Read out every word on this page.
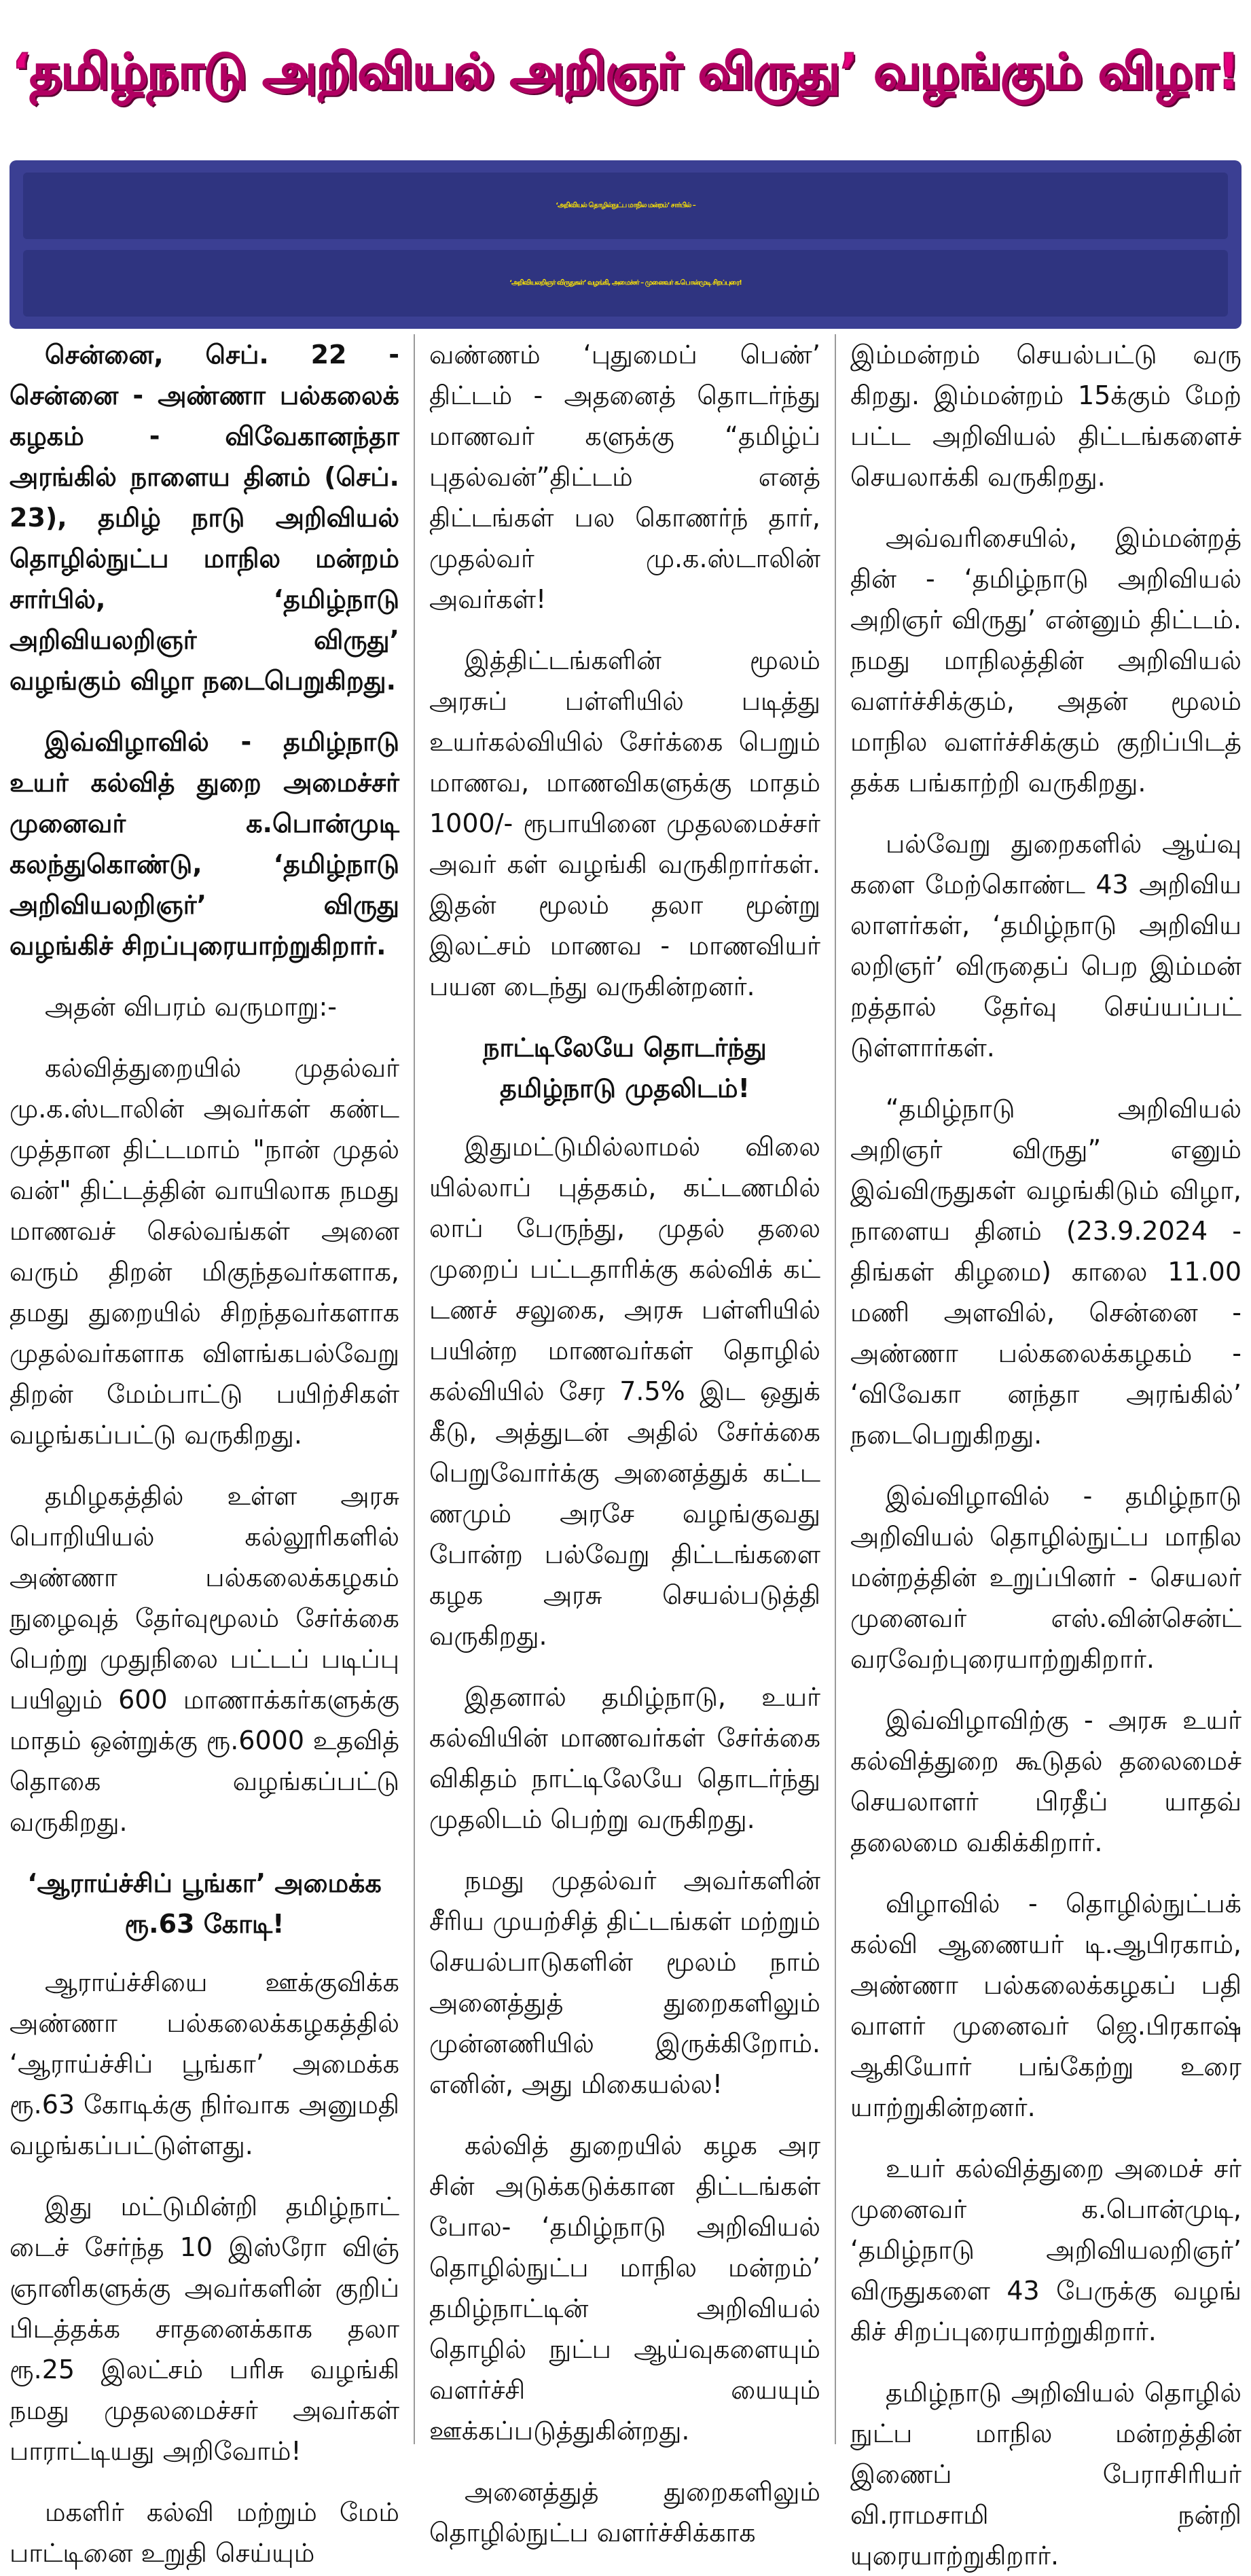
‘தமிழ்நாடு அறிவியல் அறிஞர் விருது’ வழங்கும் விழா!
‘அறிவியல் தொழில்நுட்ப மாநில மன்றம்’ சார்பில் –
‘அறிவியலறிஞர் விருதுகள்’ வழங்கி, அமைச்சர் – முனைவர் க.பொன்முடி சிறப்புரை!

சென்னை, செப். 22 - சென்னை - அண்ணா பல்கலைக் கழகம் - விவேகானந்தா அரங்கில் நாளைய தினம் (செப். 23), தமிழ் நாடு அறிவியல் தொழில்நுட்ப மாநில மன்றம் சார்பில், ‘தமிழ்நாடு அறிவியலறிஞர் விருது’ வழங்கும் விழா நடைபெறுகிறது.

இவ்விழாவில் - தமிழ்நாடு உயர் கல்வித் துறை அமைச்சர் முனைவர் க.பொன்முடி கலந்துகொண்டு, ‘தமிழ்நாடு அறிவியலறிஞர்’ விருது வழங்கிச் சிறப்புரையாற்றுகிறார்.

அதன் விபரம் வருமாறு:-

கல்வித்துறையில் முதல்வர் மு.க.ஸ்டாலின் அவர்கள் கண்ட முத்தான திட்டமாம் "நான் முதல் வன்" திட்டத்தின் வாயிலாக நமது மாணவச் செல்வங்கள் அனை வரும் திறன் மிகுந்தவர்களாக, தமது துறையில் சிறந்தவர்களாக முதல்வர்களாக விளங்கபல்வேறு திறன் மேம்பாட்டு பயிற்சிகள் வழங்கப்பட்டு வருகிறது.

தமிழகத்தில் உள்ள அரசு பொறியியல் கல்லூரிகளில் அண்ணா பல்கலைக்கழகம் நுழைவுத் தேர்வுமூலம் சேர்க்கை பெற்று முதுநிலை பட்டப் படிப்பு பயிலும் 600 மாணாக்கர்களுக்கு மாதம் ஒன்றுக்கு ரூ.6000 உதவித் தொகை வழங்கப்பட்டு வருகிறது.

‘ஆராய்ச்சிப் பூங்கா’ அமைக்க ரூ.63 கோடி!

ஆராய்ச்சியை ஊக்குவிக்க அண்ணா பல்கலைக்கழகத்தில் ‘ஆராய்ச்சிப் பூங்கா’ அமைக்க ரூ.63 கோடிக்கு நிர்வாக அனுமதி வழங்கப்பட்டுள்ளது.

இது மட்டுமின்றி தமிழ்நாட் டைச் சேர்ந்த 10 இஸ்ரோ விஞ் ஞானிகளுக்கு அவர்களின் குறிப் பிடத்தக்க சாதனைக்காக தலா ரூ.25 இலட்சம் பரிசு வழங்கி நமது முதலமைச்சர் அவர்கள் பாராட்டியது அறிவோம்!

மகளிர் கல்வி மற்றும் மேம் பாட்டினை உறுதி செய்யும்

வண்ணம் ‘புதுமைப் பெண்’ திட்டம் - அதனைத் தொடர்ந்து மாணவர் களுக்கு “தமிழ்ப் புதல்வன்”திட்டம் எனத் திட்டங்கள் பல கொணர்ந் தார், முதல்வர் மு.க.ஸ்டாலின் அவர்கள்!

இத்திட்டங்களின் மூலம் அரசுப் பள்ளியில் படித்து உயர்கல்வியில் சேர்க்கை பெறும் மாணவ, மாணவிகளுக்கு மாதம் 1000/- ரூபாயினை முதலமைச்சர் அவர் கள் வழங்கி வருகிறார்கள். இதன் மூலம் தலா மூன்று இலட்சம் மாணவ - மாணவியர் பயன டைந்து வருகின்றனர்.

நாட்டிலேயே தொடர்ந்து தமிழ்நாடு முதலிடம்!

இதுமட்டுமில்லாமல் விலை யில்லாப் புத்தகம், கட்டணமில் லாப் பேருந்து, முதல் தலை முறைப் பட்டதாரிக்கு கல்விக் கட் டணச் சலுகை, அரசு பள்ளியில் பயின்ற மாணவர்கள் தொழில் கல்வியில் சேர 7.5% இட ஒதுக் கீடு, அத்துடன் அதில் சேர்க்கை பெறுவோர்க்கு அனைத்துக் கட்ட ணமும் அரசே வழங்குவது போன்ற பல்வேறு திட்டங்களை கழக அரசு செயல்படுத்தி வருகிறது.

இதனால் தமிழ்நாடு, உயர் கல்வியின் மாணவர்கள் சேர்க்கை விகிதம் நாட்டிலேயே தொடர்ந்து முதலிடம் பெற்று வருகிறது.

நமது முதல்வர் அவர்களின் சீரிய முயற்சித் திட்டங்கள் மற்றும் செயல்பாடுகளின் மூலம் நாம் அனைத்துத் துறைகளிலும் முன்னணியில் இருக்கிறோம். எனின், அது மிகையல்ல!

கல்வித் துறையில் கழக அர சின் அடுக்கடுக்கான திட்டங்கள் போல- ‘தமிழ்நாடு அறிவியல் தொழில்நுட்ப மாநில மன்றம்’ தமிழ்நாட்டின் அறிவியல் தொழில் நுட்ப ஆய்வுகளையும் வளர்ச்சி யையும் ஊக்கப்படுத்துகின்றது.

அனைத்துத் துறைகளிலும் தொழில்நுட்ப வளர்ச்சிக்காக

இம்மன்றம் செயல்பட்டு வரு கிறது. இம்மன்றம் 15க்கும் மேற் பட்ட அறிவியல் திட்டங்களைச் செயலாக்கி வருகிறது.

அவ்வரிசையில், இம்மன்றத் தின் - ‘தமிழ்நாடு அறிவியல் அறிஞர் விருது’ என்னும் திட்டம். நமது மாநிலத்தின் அறிவியல் வளர்ச்சிக்கும், அதன் மூலம் மாநில வளர்ச்சிக்கும் குறிப்பிடத் தக்க பங்காற்றி வருகிறது.

பல்வேறு துறைகளில் ஆய்வு களை மேற்கொண்ட 43 அறிவிய லாளர்கள், ‘தமிழ்நாடு அறிவிய லறிஞர்’ விருதைப் பெற இம்மன் றத்தால் தேர்வு செய்யப்பட் டுள்ளார்கள்.

“தமிழ்நாடு அறிவியல் அறிஞர் விருது” எனும் இவ்விருதுகள் வழங்கிடும் விழா, நாளைய தினம் (23.9.2024 - திங்கள் கிழமை) காலை 11.00 மணி அளவில், சென்னை - அண்ணா பல்கலைக்கழகம் - ‘விவேகா னந்தா அரங்கில்’ நடைபெறுகிறது.

இவ்விழாவில் - தமிழ்நாடு அறிவியல் தொழில்நுட்ப மாநில மன்றத்தின் உறுப்பினர் - செயலர் முனைவர் எஸ்.வின்சென்ட் வரவேற்புரையாற்றுகிறார்.

இவ்விழாவிற்கு - அரசு உயர் கல்வித்துறை கூடுதல் தலைமைச் செயலாளர் பிரதீப் யாதவ் தலைமை வகிக்கிறார்.

விழாவில் - தொழில்நுட்பக் கல்வி ஆணையர் டி.ஆபிரகாம், அண்ணா பல்கலைக்கழகப் பதி வாளர் முனைவர் ஜெ.பிரகாஷ் ஆகியோர் பங்கேற்று உரை யாற்றுகின்றனர்.

உயர் கல்வித்துறை அமைச் சர் முனைவர் க.பொன்முடி, ‘தமிழ்நாடு அறிவியலறிஞர்’ விருதுகளை 43 பேருக்கு வழங் கிச் சிறப்புரையாற்றுகிறார்.

தமிழ்நாடு அறிவியல் தொழில் நுட்ப மாநில மன்றத்தின் இணைப் பேராசிரியர் வி.ராமசாமி நன்றி யுரையாற்றுகிறார்.
